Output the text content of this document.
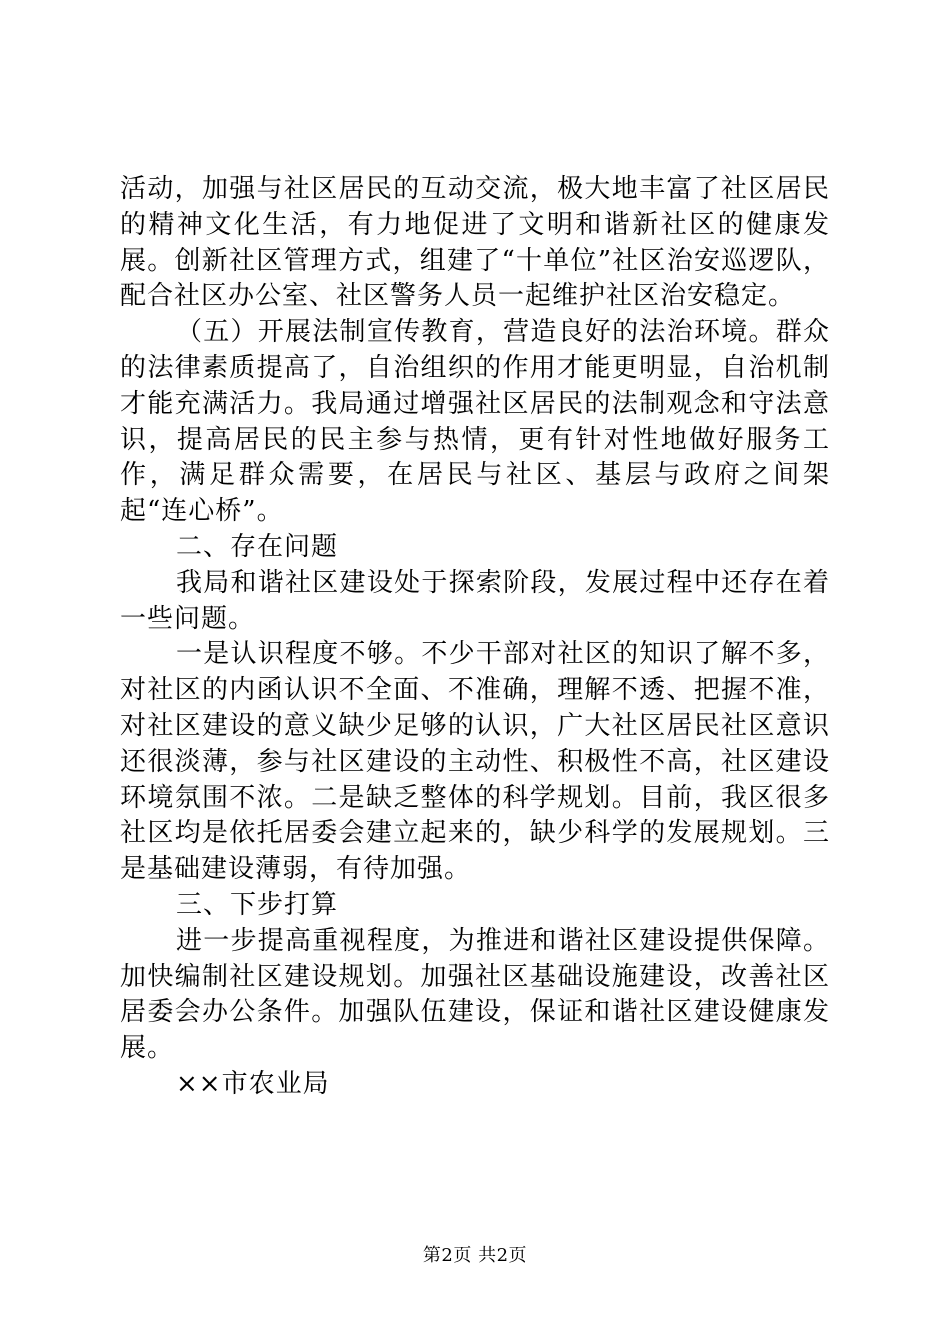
活动，加强与社区居民的互动交流，极大地丰富了社区居民的精神文化生活，有力地促进了文明和谐新社区的健康发展。创新社区管理方式，组建了“十单位”社区治安巡逻队，配合社区办公室、社区警务人员一起维护社区治安稳定。

（五）开展法制宣传教育，营造良好的法治环境。群众的法律素质提高了，自治组织的作用才能更明显，自治机制才能充满活力。我局通过增强社区居民的法制观念和守法意识，提高居民的民主参与热情，更有针对性地做好服务工作，满足群众需要，在居民与社区、基层与政府之间架起“连心桥”。

二、存在问题

我局和谐社区建设处于探索阶段，发展过程中还存在着一些问题。

一是认识程度不够。不少干部对社区的知识了解不多，对社区的内函认识不全面、不准确，理解不透、把握不准，对社区建设的意义缺少足够的认识，广大社区居民社区意识还很淡薄，参与社区建设的主动性、积极性不高，社区建设环境氛围不浓。二是缺乏整体的科学规划。目前，我区很多社区均是依托居委会建立起来的，缺少科学的发展规划。三是基础建设薄弱，有待加强。

三、下步打算

进一步提高重视程度，为推进和谐社区建设提供保障。加快编制社区建设规划。加强社区基础设施建设，改善社区居委会办公条件。加强队伍建设，保证和谐社区建设健康发展。

××市农业局

第2页 共2页
